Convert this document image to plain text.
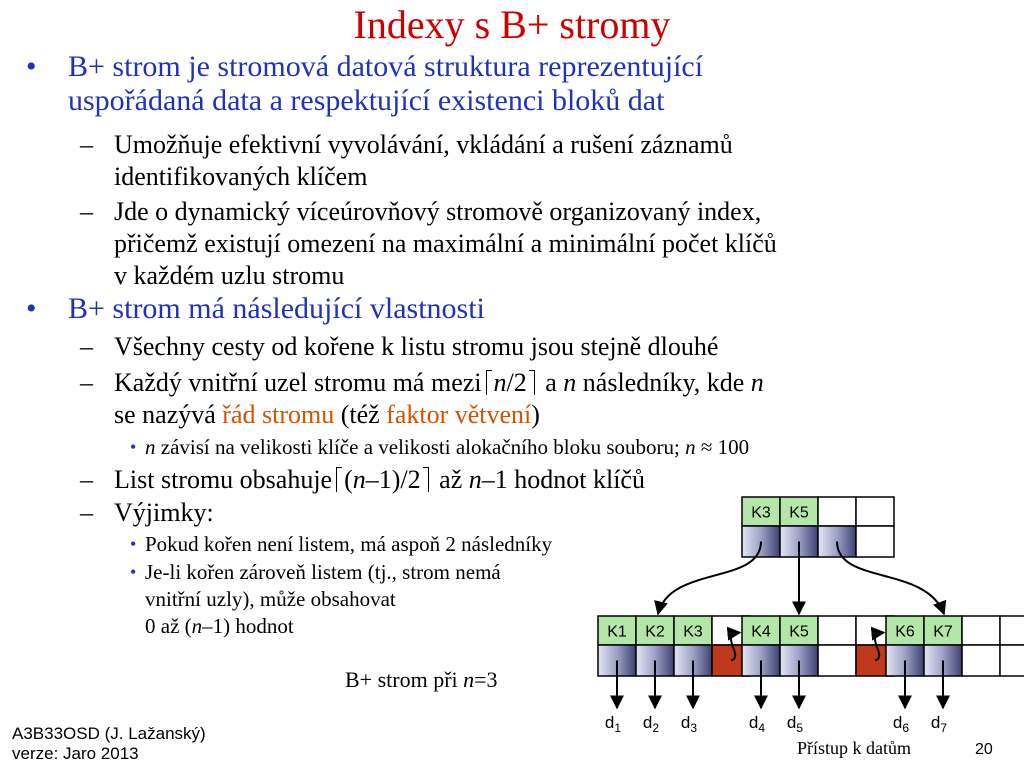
Indexy s B+ stromy
• B+ strom je stromová datová struktura reprezentující
uspořádaná data a respektující existenci bloků dat
– Umožňuje efektivní vyvolávání, vkládání a rušení záznamů
identifikovaných klíčem
– Jde o dynamický víceúrovňový stromově organizovaný index,
přičemž existují omezení na maximální a minimální počet klíčů
v každém uzlu stromu
• B+ strom má následující vlastnosti
– Všechny cesty od kořene k listu stromu jsou stejně dlouhé
– Každý vnitřní uzel stromu má mezi n/2 a n následníky, kde n
se nazývá řád stromu (též faktor větvení)
• n závisí na velikosti klíče a velikosti alokačního bloku souboru; n ≈ 100
– List stromu obsahuje (n–1)/2 až n–1 hodnot klíčů
– Výjimky:
• Pokud kořen není listem, má aspoň 2 následníky
• Je-li kořen zároveň listem (tj., strom nemá
vnitřní uzly), může obsahovat
0 až (n–1) hodnot
B+ strom při n=3
K3 K5
K1 K2 K3	K4 K5	K6 K7
$d_1$ $d_2$ $d_3$	$d_4$ $d_5$	$d_6$ $d_7$
A3B33OSD (J. Lažanský)
verze: Jaro 2013	Přístup k datům	20
